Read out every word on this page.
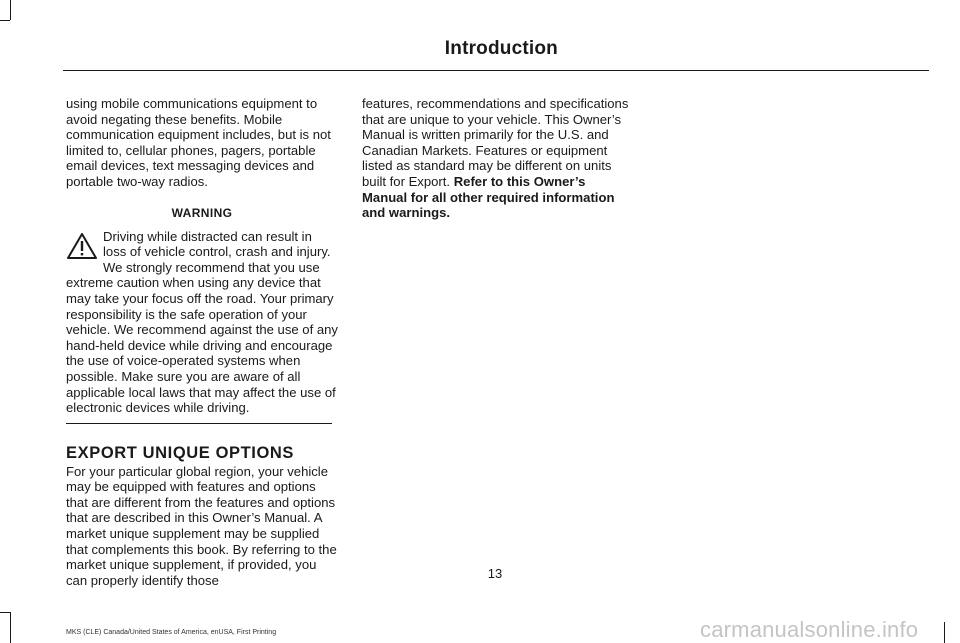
Introduction

using mobile communications equipment to avoid negating these benefits. Mobile communication equipment includes, but is not limited to, cellular phones, pagers, portable email devices, text messaging devices and portable two-way radios.

WARNING

Driving while distracted can result in loss of vehicle control, crash and injury. We strongly recommend that you use extreme caution when using any device that may take your focus off the road. Your primary responsibility is the safe operation of your vehicle. We recommend against the use of any hand-held device while driving and encourage the use of voice-operated systems when possible. Make sure you are aware of all applicable local laws that may affect the use of electronic devices while driving.

EXPORT UNIQUE OPTIONS

For your particular global region, your vehicle may be equipped with features and options that are different from the features and options that are described in this Owner’s Manual. A market unique supplement may be supplied that complements this book. By referring to the market unique supplement, if provided, you can properly identify those

features, recommendations and specifications that are unique to your vehicle. This Owner’s Manual is written primarily for the U.S. and Canadian Markets. Features or equipment listed as standard may be different on units built for Export. Refer to this Owner’s Manual for all other required information and warnings.

13
MKS (CLE) Canada/United States of America, enUSA, First Printing	carmanualsonline.info
